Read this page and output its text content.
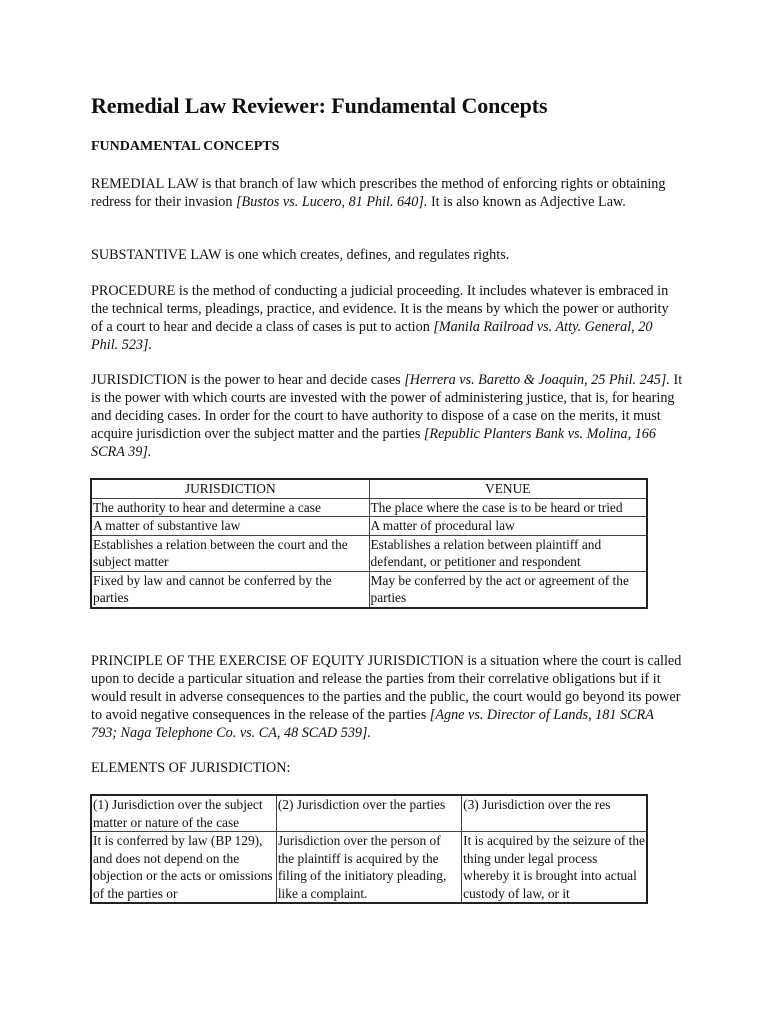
Remedial Law Reviewer: Fundamental Concepts
FUNDAMENTAL CONCEPTS
REMEDIAL LAW is that branch of law which prescribes the method of enforcing rights or obtaining redress for their invasion [Bustos vs. Lucero, 81 Phil. 640]. It is also known as Adjective Law.
SUBSTANTIVE LAW is one which creates, defines, and regulates rights.
PROCEDURE is the method of conducting a judicial proceeding. It includes whatever is embraced in the technical terms, pleadings, practice, and evidence. It is the means by which the power or authority of a court to hear and decide a class of cases is put to action [Manila Railroad vs. Atty. General, 20 Phil. 523].
JURISDICTION is the power to hear and decide cases [Herrera vs. Baretto & Joaquin, 25 Phil. 245]. It is the power with which courts are invested with the power of administering justice, that is, for hearing and deciding cases. In order for the court to have authority to dispose of a case on the merits, it must acquire jurisdiction over the subject matter and the parties [Republic Planters Bank vs. Molina, 166 SCRA 39].
PRINCIPLE OF THE EXERCISE OF EQUITY JURISDICTION is a situation where the court is called upon to decide a particular situation and release the parties from their correlative obligations but if it would result in adverse consequences to the parties and the public, the court would go beyond its power to avoid negative consequences in the release of the parties [Agne vs. Director of Lands, 181 SCRA 793; Naga Telephone Co. vs. CA, 48 SCAD 539].
ELEMENTS OF JURISDICTION:
JURISDICTION	VENUE
The authority to hear and determine a case	The place where the case is to be heard or tried
A matter of substantive law	A matter of procedural law
Establishes a relation between the court and the subject matter	Establishes a relation between plaintiff and defendant, or petitioner and respondent
Fixed by law and cannot be conferred by the parties	May be conferred by the act or agreement of the parties
(1) Jurisdiction over the subject matter or nature of the case	(2) Jurisdiction over the parties	(3) Jurisdiction over the res
It is conferred by law (BP 129), and does not depend on the objection or the acts or omissions of the parties or	Jurisdiction over the person of the plaintiff is acquired by the filing of the initiatory pleading, like a complaint.	It is acquired by the seizure of the thing under legal process whereby it is brought into actual custody of law, or it
